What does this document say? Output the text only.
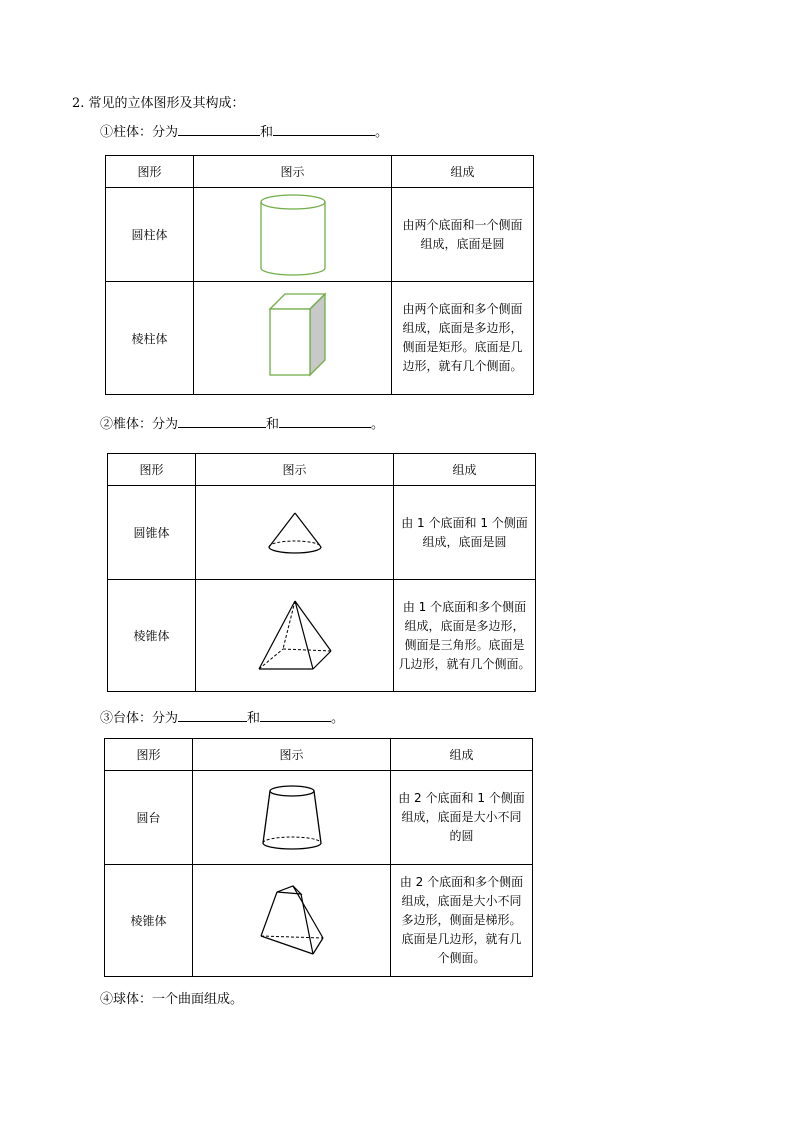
2. 常见的立体图形及其构成：
①柱体：分为	和	。
图形	图示	组成
圆柱体		由两个底面和一个侧面
组成，底面是圆

棱柱体		由两个底面和多个侧面
组成，底面是多边形，
侧面是矩形。底面是几
边形，就有几个侧面。
②椎体：分为	和	。
图形	图示	组成
圆锥体		由 1 个底面和 1 个侧面
组成，底面是圆

棱锥体		由 1 个底面和多个侧面
组成，底面是多边形，
侧面是三角形。底面是
几边形，就有几个侧面。
③台体：分为	和	。
图形	图示	组成
圆台		由 2 个底面和 1 个侧面
组成，底面是大小不同
的圆

棱锥体		由 2 个底面和多个侧面
组成，底面是大小不同
多边形，侧面是梯形。
底面是几边形，就有几
个侧面。
④球体：一个曲面组成。
